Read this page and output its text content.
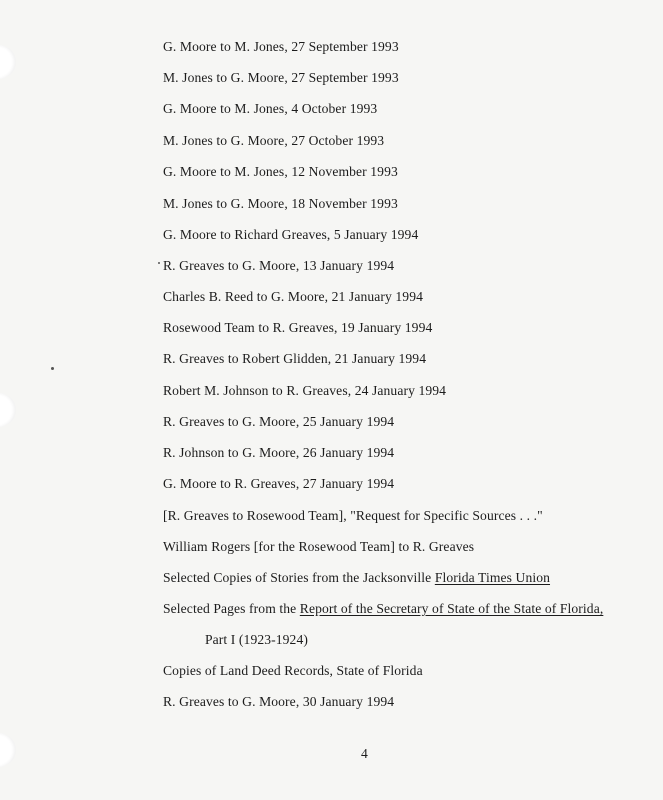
G. Moore to M. Jones, 27 September 1993
M. Jones to G. Moore, 27 September 1993
G. Moore to M. Jones, 4 October 1993
M. Jones to G. Moore, 27 October 1993
G. Moore to M. Jones, 12 November 1993
M. Jones to G. Moore, 18 November 1993
G. Moore to Richard Greaves, 5 January 1994
R. Greaves to G. Moore, 13 January 1994
Charles B. Reed to G. Moore, 21 January 1994
Rosewood Team to R. Greaves, 19 January 1994
R. Greaves to Robert Glidden, 21 January 1994
Robert M. Johnson to R. Greaves, 24 January 1994
R. Greaves to G. Moore, 25 January 1994
R. Johnson to G. Moore, 26 January 1994
G. Moore to R. Greaves, 27 January 1994
[R. Greaves to Rosewood Team], "Request for Specific Sources . . ."
William Rogers [for the Rosewood Team] to R. Greaves
Selected Copies of Stories from the Jacksonville Florida Times Union
Selected Pages from the Report of the Secretary of State of the State of Florida,
Part I (1923-1924)
Copies of Land Deed Records, State of Florida
R. Greaves to G. Moore, 30 January 1994
4
